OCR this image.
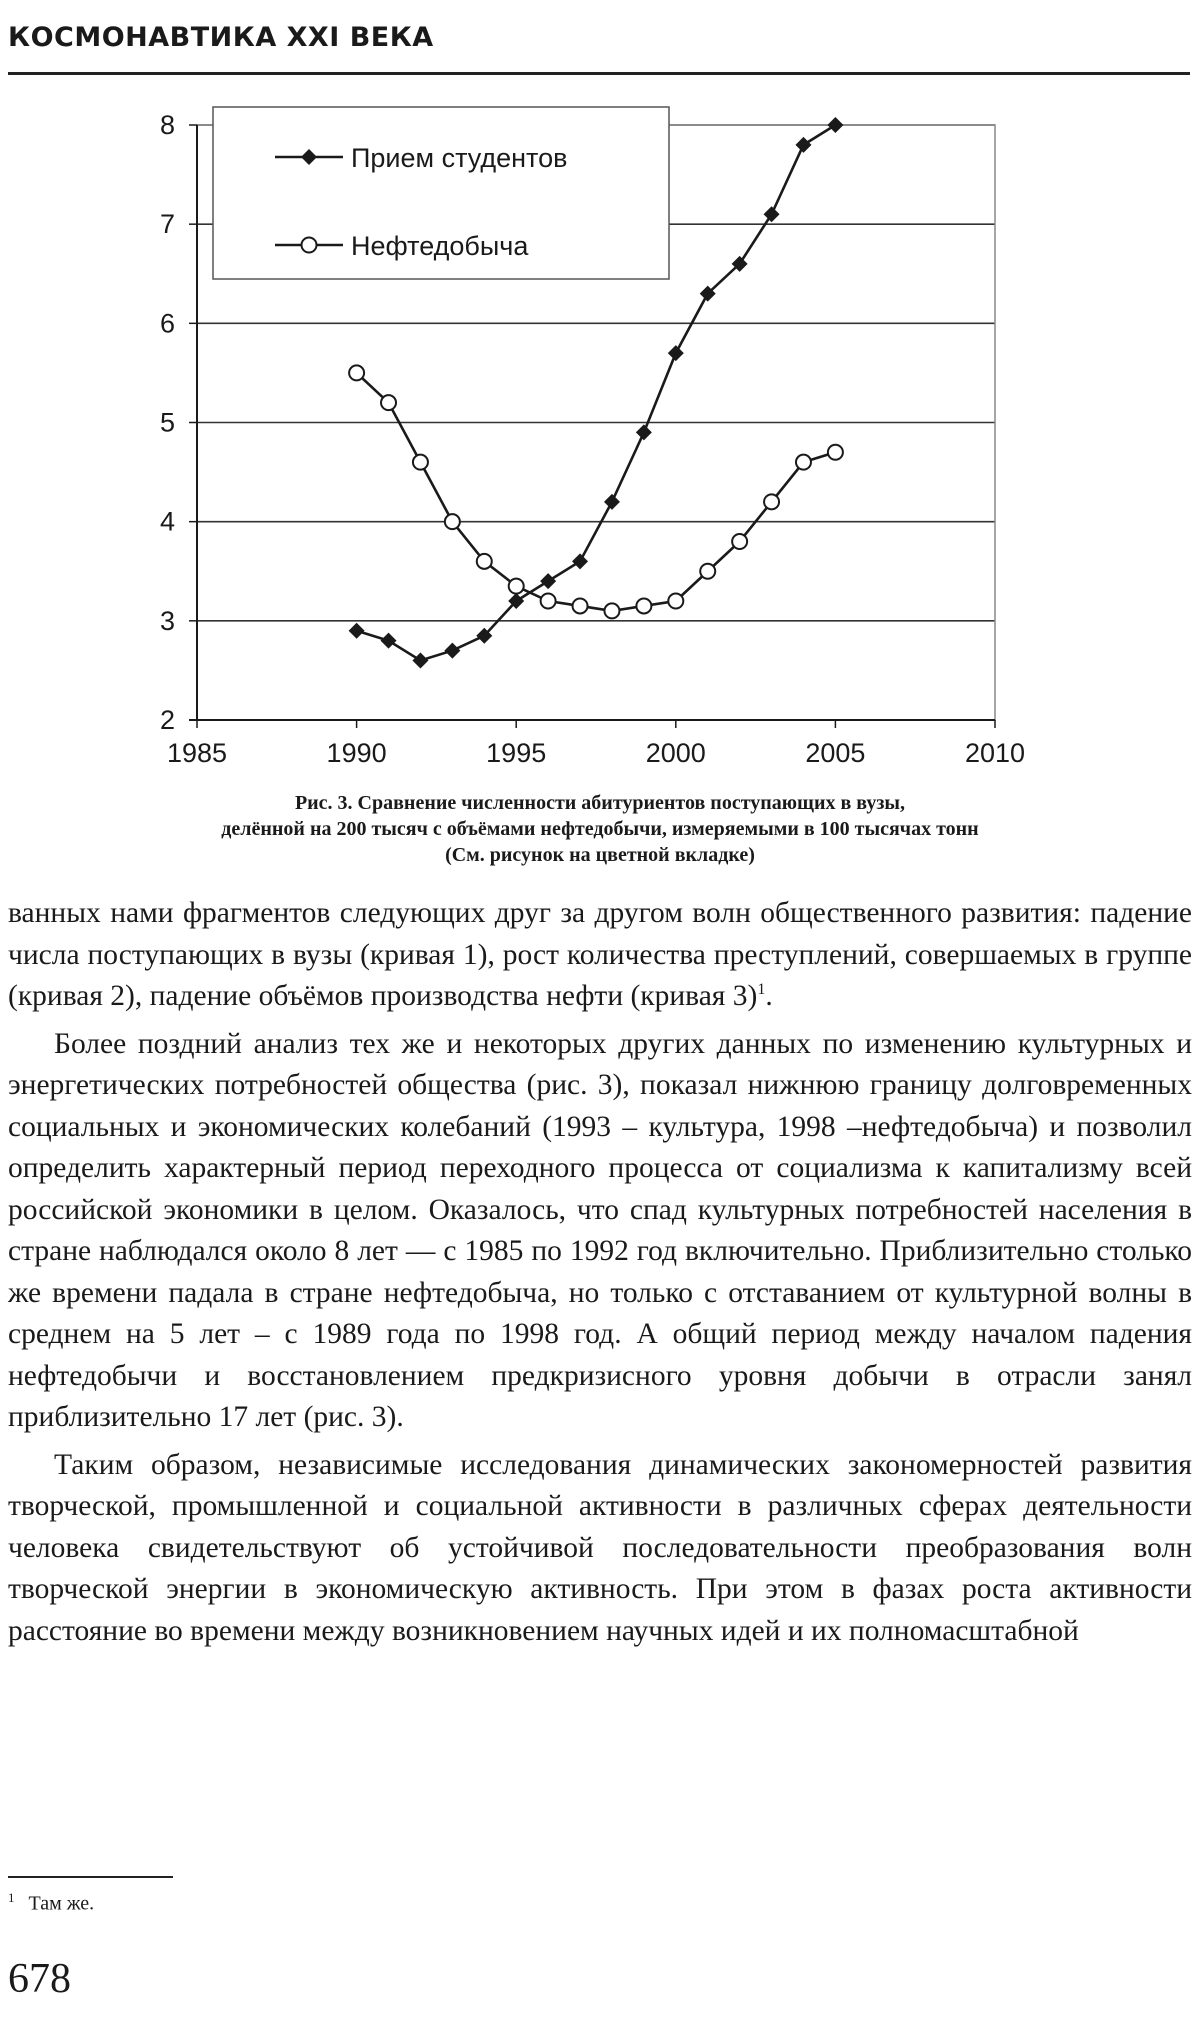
КОСМОНАВТИКА XXI ВЕКА
2
3
4
5
6
7
8
1985	1990	1995	2000	2005	2010
Прием студентов
Нефтедобыча
Рис. 3. Сравнение численности абитуриентов поступающих в вузы,
делённой на 200 тысяч с объёмами нефтедобычи, измеряемыми в 100 тысячах тонн
(См. рисунок на цветной вкладке)

ванных нами фрагментов следующих друг за другом волн общественного развития: падение числа поступающих в вузы (кривая 1), рост количества преступлений, совершаемых в группе (кривая 2), падение объёмов производства нефти (кривая 3)$^1$.

Более поздний анализ тех же и некоторых других данных по изменению культурных и энергетических потребностей общества (рис. 3), показал нижнюю границу долговременных социальных и экономических колебаний (1993 – культура, 1998 –нефтедобыча) и позволил определить характерный период переходного процесса от социализма к капитализму всей российской экономики в целом. Оказалось, что спад культурных потребностей населения в стране наблюдался около 8 лет — с 1985 по 1992 год включительно. Приблизительно столько же времени падала в стране нефтедобыча, но только с отставанием от культурной волны в среднем на 5 лет – с 1989 года по 1998 год. А общий период между началом падения нефтедобычи и восстановлением предкризисного уровня добычи в отрасли занял приблизительно 17 лет (рис. 3).

Таким образом, независимые исследования динамических закономерностей развития творческой, промышленной и социальной активности в различных сферах деятельности человека свидетельствуют об устойчивой последовательности преобразования волн творческой энергии в экономическую активность. При этом в фазах роста активности расстояние во времени между возникновением научных идей и их полномасштабной

$^1$ Там же.
678
